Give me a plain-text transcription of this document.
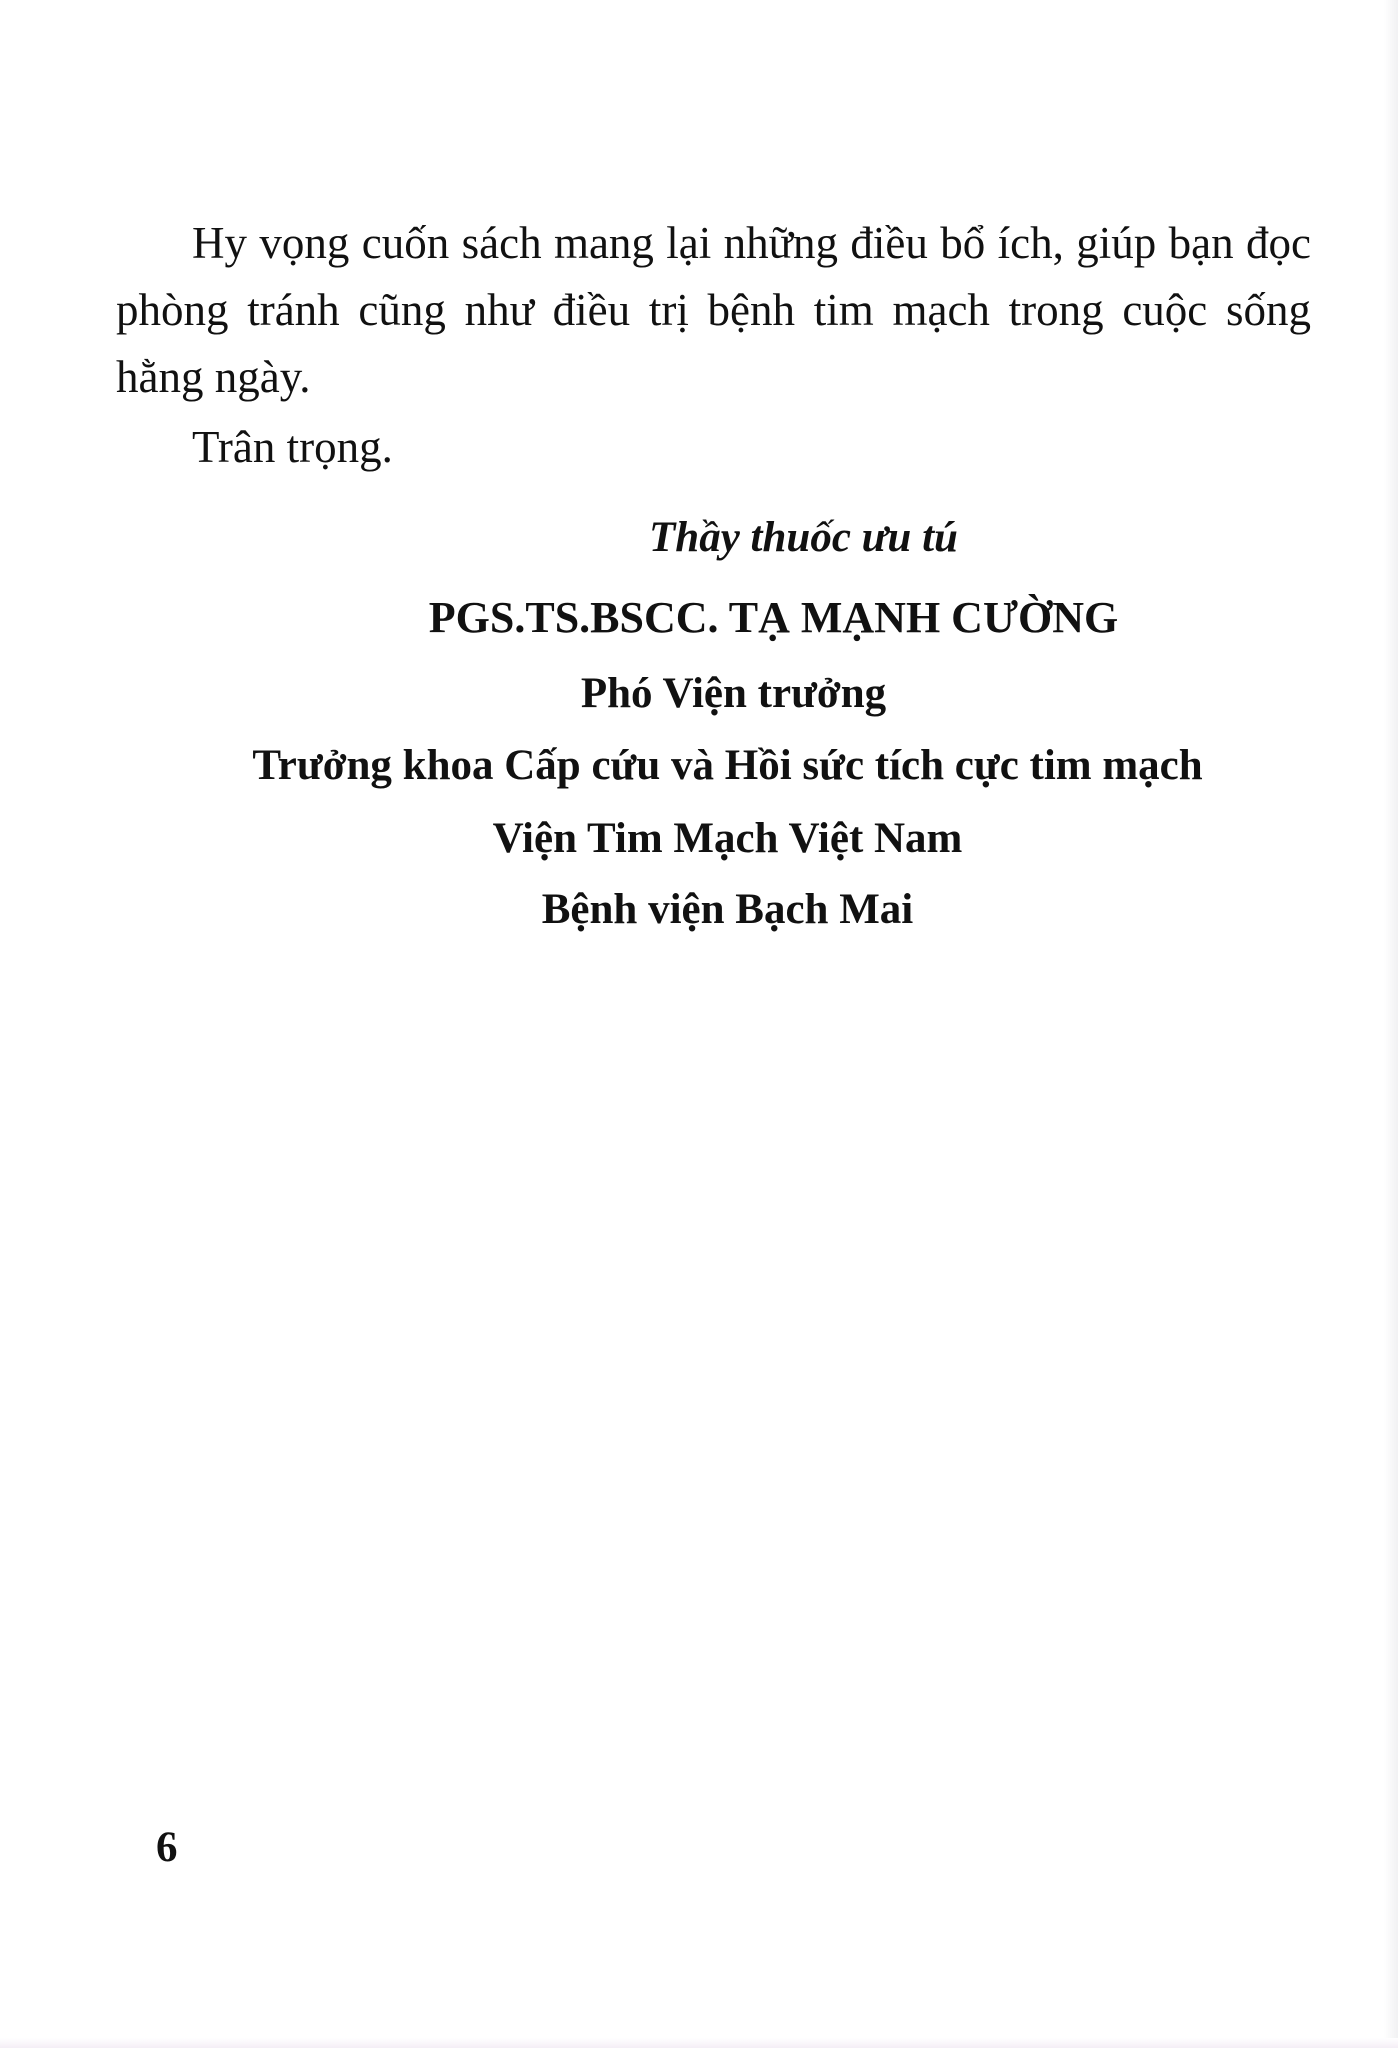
Hy vọng cuốn sách mang lại những điều bổ ích, giúp bạn đọc phòng tránh cũng như điều trị bệnh tim mạch trong cuộc sống hằng ngày.

Trân trọng.

Thầy thuốc ưu tú
PGS.TS.BSCC. TẠ MẠNH CƯỜNG
Phó Viện trưởng
Trưởng khoa Cấp cứu và Hồi sức tích cực tim mạch
Viện Tim Mạch Việt Nam
Bệnh viện Bạch Mai
6
